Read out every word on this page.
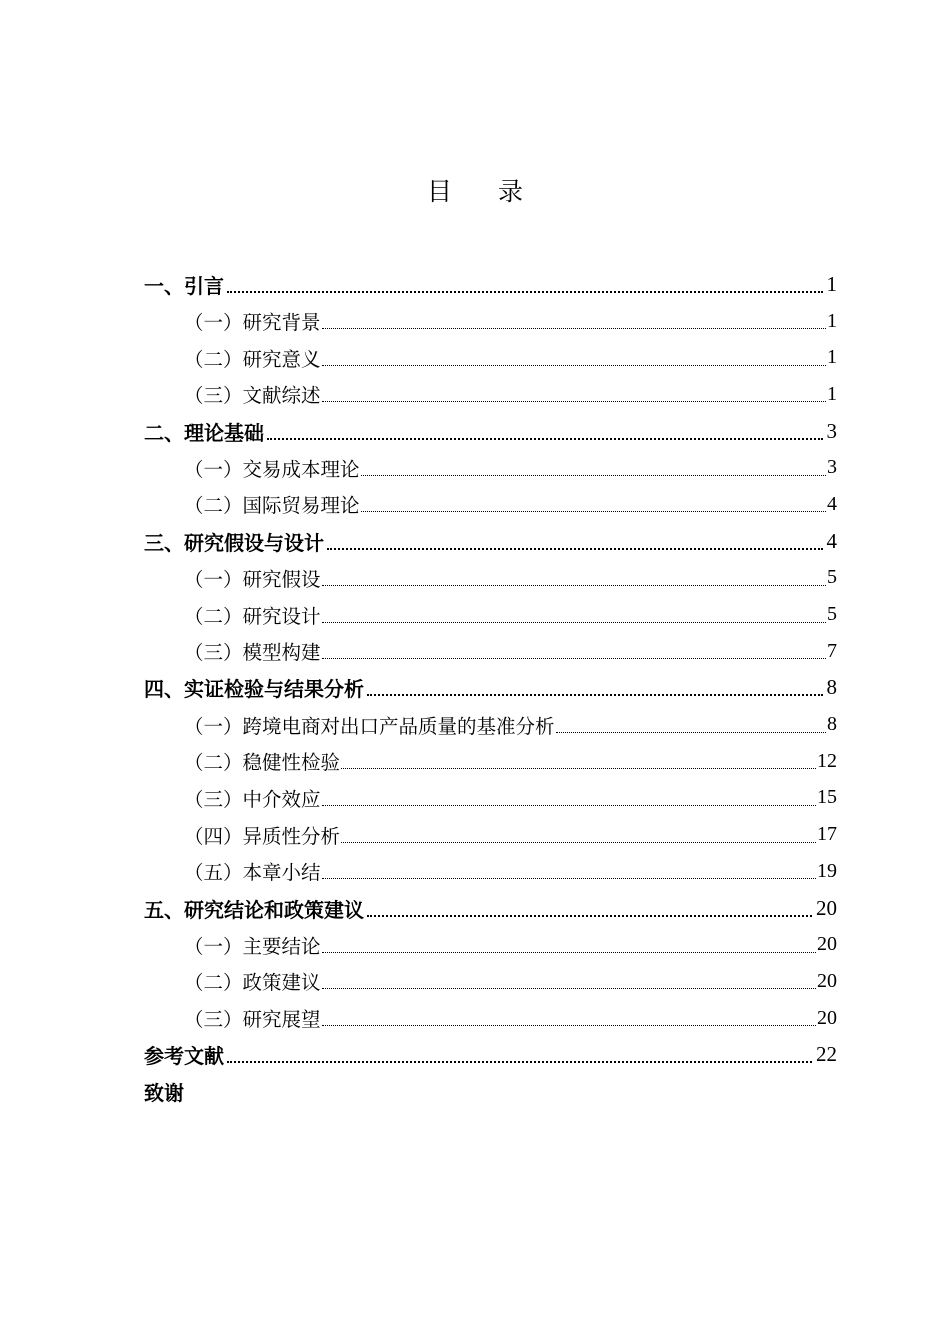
目 录
一、引言	1
（一）研究背景	1
（二）研究意义	1
（三）文献综述	1
二、理论基础	3
（一）交易成本理论	3
（二）国际贸易理论	4
三、研究假设与设计	4
（一）研究假设	5
（二）研究设计	5
（三）模型构建	7
四、实证检验与结果分析	8
（一）跨境电商对出口产品质量的基准分析	8
（二）稳健性检验	12
（三）中介效应	15
（四）异质性分析	17
（五）本章小结	19
五、研究结论和政策建议	20
（一）主要结论	20
（二）政策建议	20
（三）研究展望	20
参考文献	22
致谢
